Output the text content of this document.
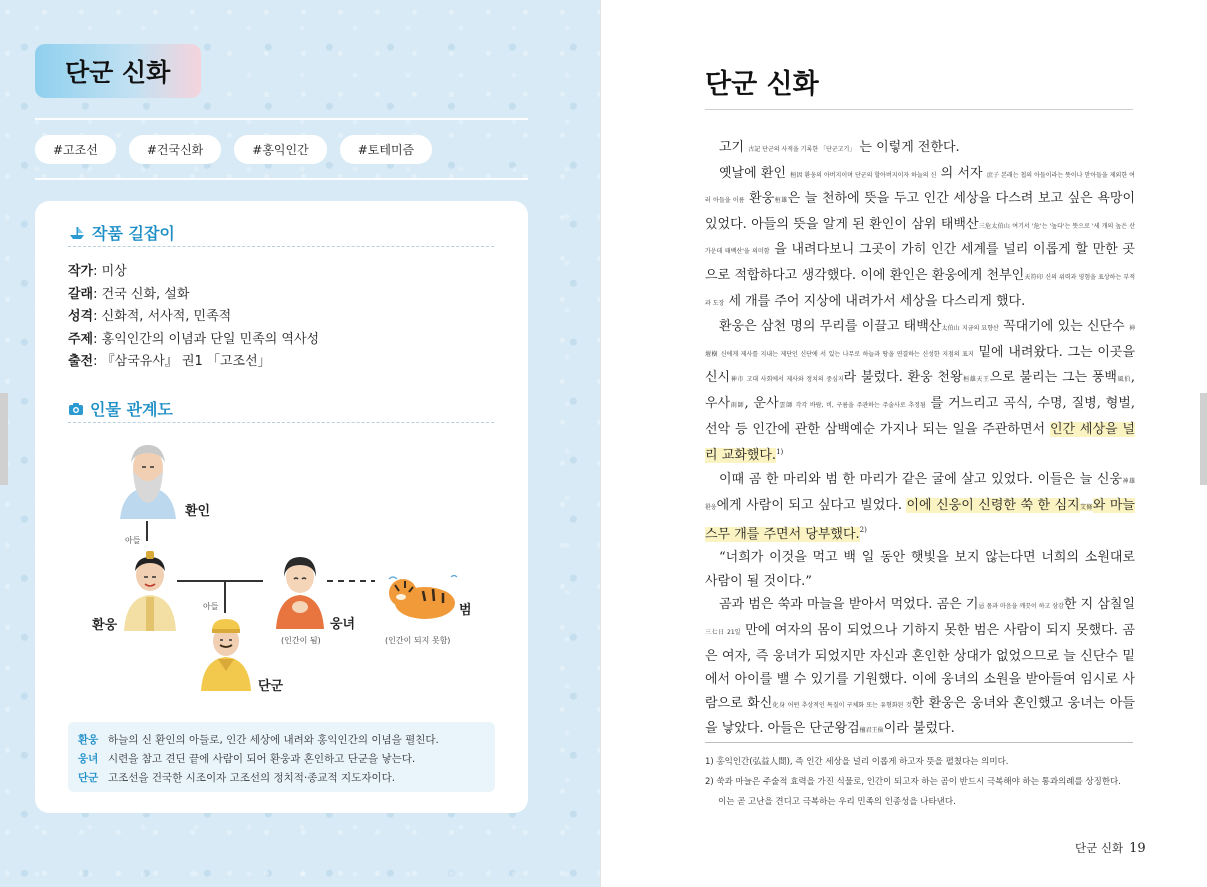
단군 신화
#고조선	#건국신화	#홍익인간	#토테미즘
작품 길잡이
작가: 미상
갈래: 건국 신화, 설화
성격: 신화적, 서사적, 민족적
주제: 홍익인간의 이념과 단일 민족의 역사성
출전: 『삼국유사』 권1 「고조선」
인물 관계도
환인
아들
환웅	웅녀
(인간이 됨)
범
(인간이 되지 못함)
아들
단군
환웅 하늘의 신 환인의 아들로, 인간 세상에 내려와 홍익인간의 이념을 펼친다.
웅녀 시련을 참고 견딘 끝에 사람이 되어 환웅과 혼인하고 단군을 낳는다.
단군 고조선을 건국한 시조이자 고조선의 정치적·종교적 지도자이다.
단군 신화

고기 古記 단군의 사적을 기록한 「단군고기」 는 이렇게 전한다.

옛날에 환인 桓因 환웅의 아버지이며 단군의 할아버지이자 하늘의 신 의 서자 庶子 본래는 첩의 아들이라는 뜻이나 맏아들을 제외한 여러 아들을 이름 환웅桓雄은 늘 천하에 뜻을 두고 인간 세상을 다스려 보고 싶은 욕망이 있었다. 아들의 뜻을 알게 된 환인이 삼위 태백산三危太伯山 여기서 '危'는 '높다'는 뜻으로 '세 개의 높은 산 가운데 태백산'을 의미함 을 내려다보니 그곳이 가히 인간 세계를 널리 이롭게 할 만한 곳으로 적합하다고 생각했다. 이에 환인은 환웅에게 천부인天符印 신의 위력과 영험을 표상하는 부적과 도장 세 개를 주어 지상에 내려가서 세상을 다스리게 했다.

환웅은 삼천 명의 무리를 이끌고 태백산太伯山 지금의 묘향산 꼭대기에 있는 신단수 神壇樹 신에게 제사를 지내는 제단인 신단에 서 있는 나무로 하늘과 땅을 연결하는 신성한 지점의 표지 밑에 내려왔다. 그는 이곳을 신시神市 고대 사회에서 제사와 정치의 중심지라 불렀다. 환웅 천왕桓雄天王으로 불리는 그는 풍백風伯, 우사雨師, 운사雲師 각각 바람, 비, 구름을 주관하는 주술사로 추정됨 를 거느리고 곡식, 수명, 질병, 형벌, 선악 등 인간에 관한 삼백예순 가지나 되는 일을 주관하면서 인간 세상을 널리 교화했다.$^{1)}$

이때 곰 한 마리와 범 한 마리가 같은 굴에 살고 있었다. 이들은 늘 신웅神雄 환웅에게 사람이 되고 싶다고 빌었다. 이에 신웅이 신령한 쑥 한 심지艾條와 마늘 스무 개를 주면서 당부했다.$^{2)}$

“너희가 이것을 먹고 백 일 동안 햇빛을 보지 않는다면 너희의 소원대로 사람이 될 것이다.”

곰과 범은 쑥과 마늘을 받아서 먹었다. 곰은 기忌 몸과 마음을 깨끗이 하고 삼감한 지 삼칠일三七日 21일 만에 여자의 몸이 되었으나 기하지 못한 범은 사람이 되지 못했다. 곰은 여자, 즉 웅녀가 되었지만 자신과 혼인한 상대가 없었으므로 늘 신단수 밑에서 아이를 밸 수 있기를 기원했다. 이에 웅녀의 소원을 받아들여 임시로 사람으로 화신化身 어떤 추상적인 특질이 구체화 또는 유형화된 것한 환웅은 웅녀와 혼인했고 웅녀는 아들을 낳았다. 아들은 단군왕검檀君王儉이라 불렀다.

1) 홍익인간(弘益人間), 즉 인간 세상을 널리 이롭게 하고자 뜻을 펼쳤다는 의미다.
2) 쑥과 마늘은 주술적 효력을 가진 식물로, 인간이 되고자 하는 곰이 반드시 극복해야 하는 통과의례를 상징한다.
이는 곧 고난을 견디고 극복하는 우리 민족의 인종성을 나타낸다.
단군 신화 19
